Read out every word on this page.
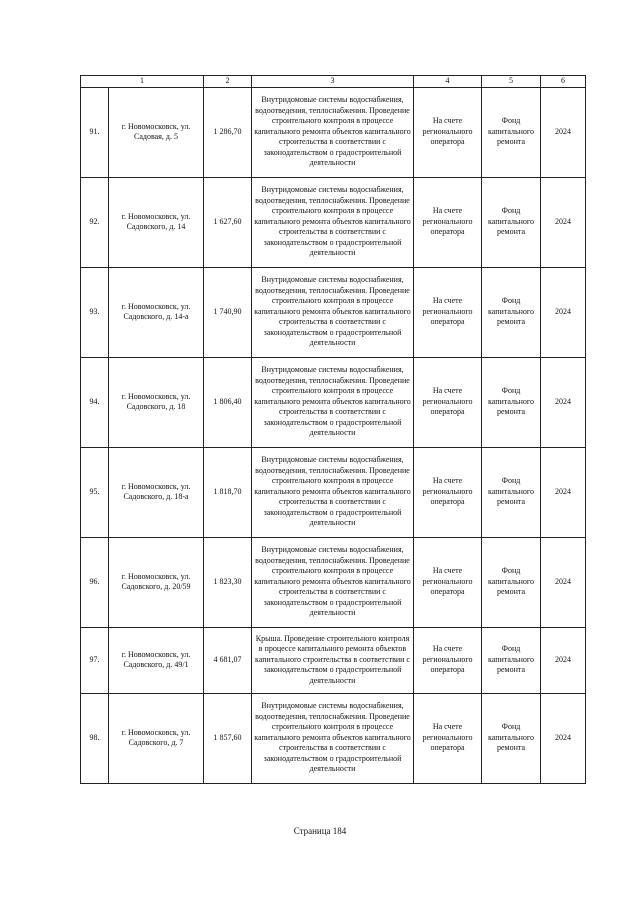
1		2	3	4	5	6
91.	г. Новомосковск, ул. Садовая, д. 5	1 286,70	Внутридомовые системы водоснабжения, водоотведения, теплоснабжения. Проведение строительного контроля в процессе капитального ремонта объектов капитального строительства в соответствии с законодательством о градостроительной деятельности	На счете регионального оператора	Фонд капитального ремонта	2024
92.	г. Новомосковск, ул. Садовского, д. 14	1 627,60	Внутридомовые системы водоснабжения, водоотведения, теплоснабжения. Проведение строительного контроля в процессе капитального ремонта объектов капитального строительства в соответствии с законодательством о градостроительной деятельности	На счете регионального оператора	Фонд капитального ремонта	2024
93.	г. Новомосковск, ул. Садовского, д. 14-а	1 740,90	Внутридомовые системы водоснабжения, водоотведения, теплоснабжения. Проведение строительного контроля в процессе капитального ремонта объектов капитального строительства в соответствии с законодательством о градостроительной деятельности	На счете регионального оператора	Фонд капитального ремонта	2024
94.	г. Новомосковск, ул. Садовского, д. 18	1 806,40	Внутридомовые системы водоснабжения, водоотведения, теплоснабжения. Проведение строительного контроля в процессе капитального ремонта объектов капитального строительства в соответствии с законодательством о градостроительной деятельности	На счете регионального оператора	Фонд капитального ремонта	2024
95.	г. Новомосковск, ул. Садовского, д. 18-а	1 818,70	Внутридомовые системы водоснабжения, водоотведения, теплоснабжения. Проведение строительного контроля в процессе капитального ремонта объектов капитального строительства в соответствии с законодательством о градостроительной деятельности	На счете регионального оператора	Фонд капитального ремонта	2024
96.	г. Новомосковск, ул. Садовского, д. 20/59	1 823,30	Внутридомовые системы водоснабжения, водоотведения, теплоснабжения. Проведение строительного контроля в процессе капитального ремонта объектов капитального строительства в соответствии с законодательством о градостроительной деятельности	На счете регионального оператора	Фонд капитального ремонта	2024
97.	г. Новомосковск, ул. Садовского, д. 49/1	4 681,07	Крыша. Проведение строительного контроля в процессе капитального ремонта объектов капитального строительства в соответствии с законодательством о градостроительной деятельности	На счете регионального оператора	Фонд капитального ремонта	2024
98.	г. Новомосковск, ул. Садовского, д. 7	1 857,60	Внутридомовые системы водоснабжения, водоотведения, теплоснабжения. Проведение строительного контроля в процессе капитального ремонта объектов капитального строительства в соответствии с законодательством о градостроительной деятельности	На счете регионального оператора	Фонд капитального ремонта	2024
Страница 184
